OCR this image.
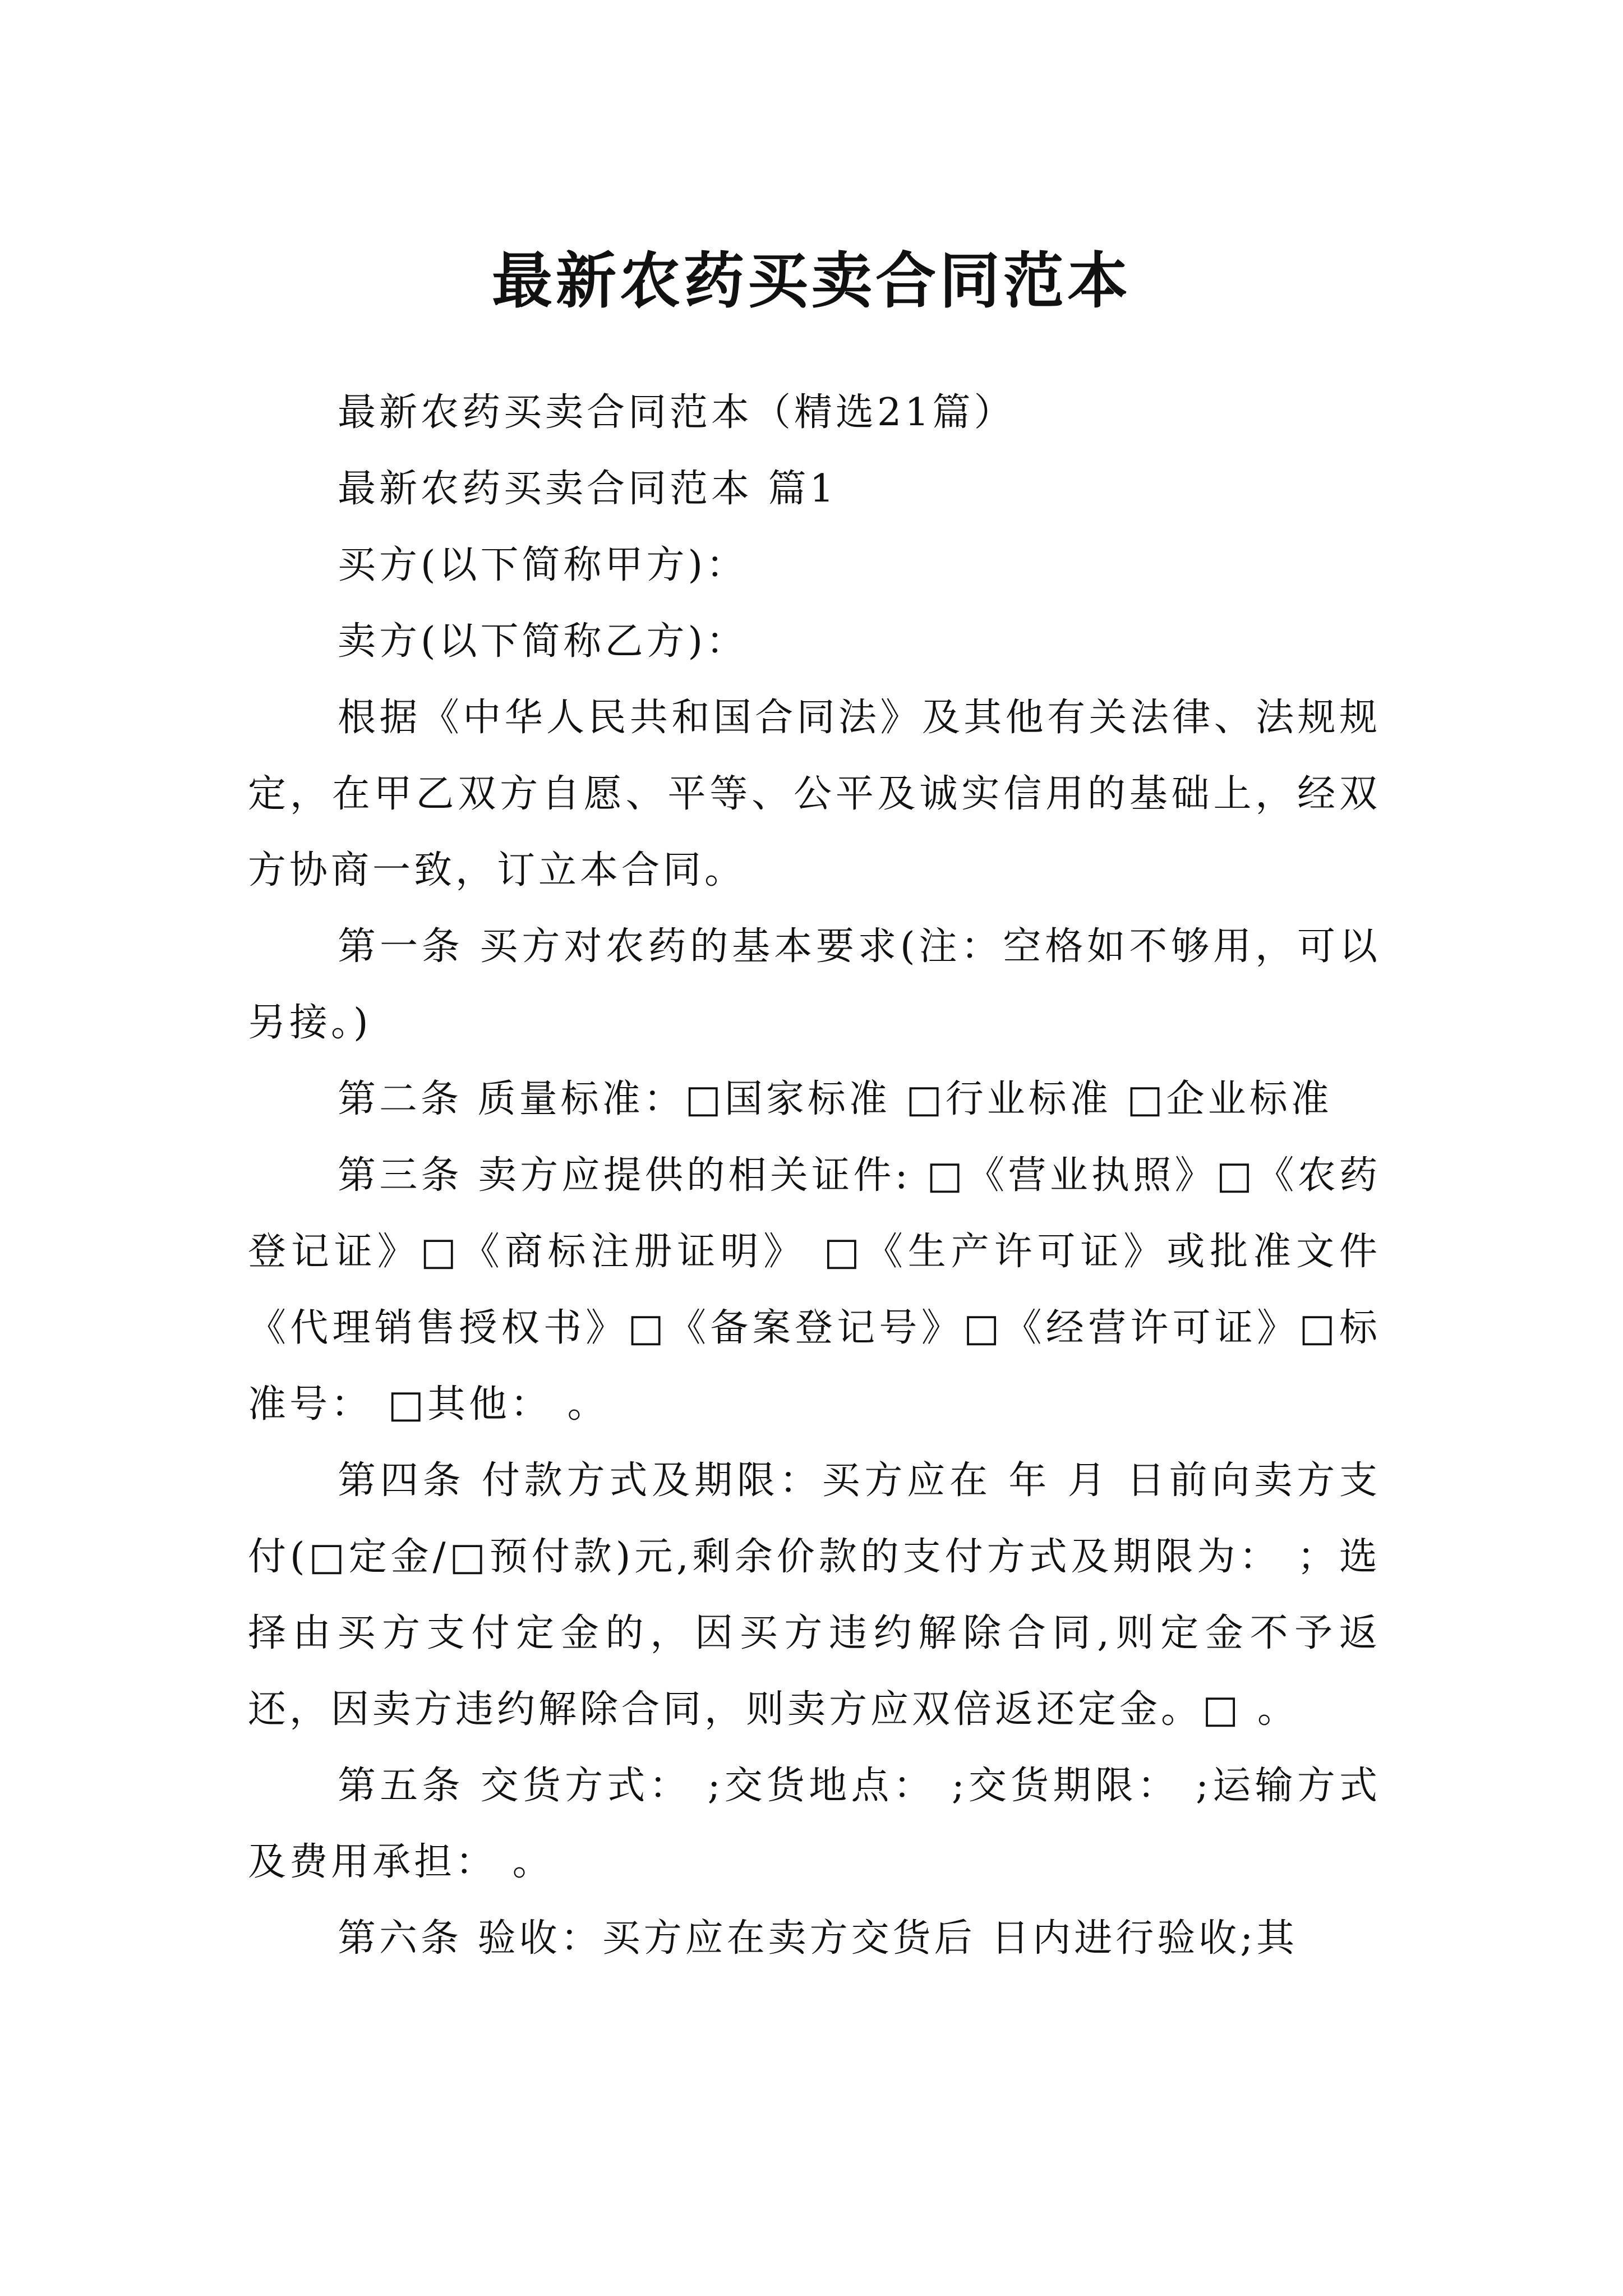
最新农药买卖合同范本

最新农药买卖合同范本（精选21篇）

最新农药买卖合同范本 篇1

买方(以下简称甲方)：

卖方(以下简称乙方)：

根据《中华人民共和国合同法》及其他有关法律、法规规定，在甲乙双方自愿、平等、公平及诚实信用的基础上，经双方协商一致，订立本合同。

第一条 买方对农药的基本要求(注：空格如不够用，可以另接。)

第二条 质量标准：□国家标准 □行业标准 □企业标准

第三条 卖方应提供的相关证件: □《营业执照》□《农药登记证》□《商标注册证明》 □《生产许可证》或批准文件 《代理销售授权书》□《备案登记号》□《经营许可证》□标准号： □其他： 。

第四条 付款方式及期限：买方应在 年 月 日前向卖方支付(□定金/□预付款)元,剩余价款的支付方式及期限为： ；选择由买方支付定金的，因买方违约解除合同,则定金不予返还，因卖方违约解除合同，则卖方应双倍返还定金。□ 。

第五条 交货方式： ;交货地点： ;交货期限： ;运输方式及费用承担： 。

第六条 验收：买方应在卖方交货后 日内进行验收;其
